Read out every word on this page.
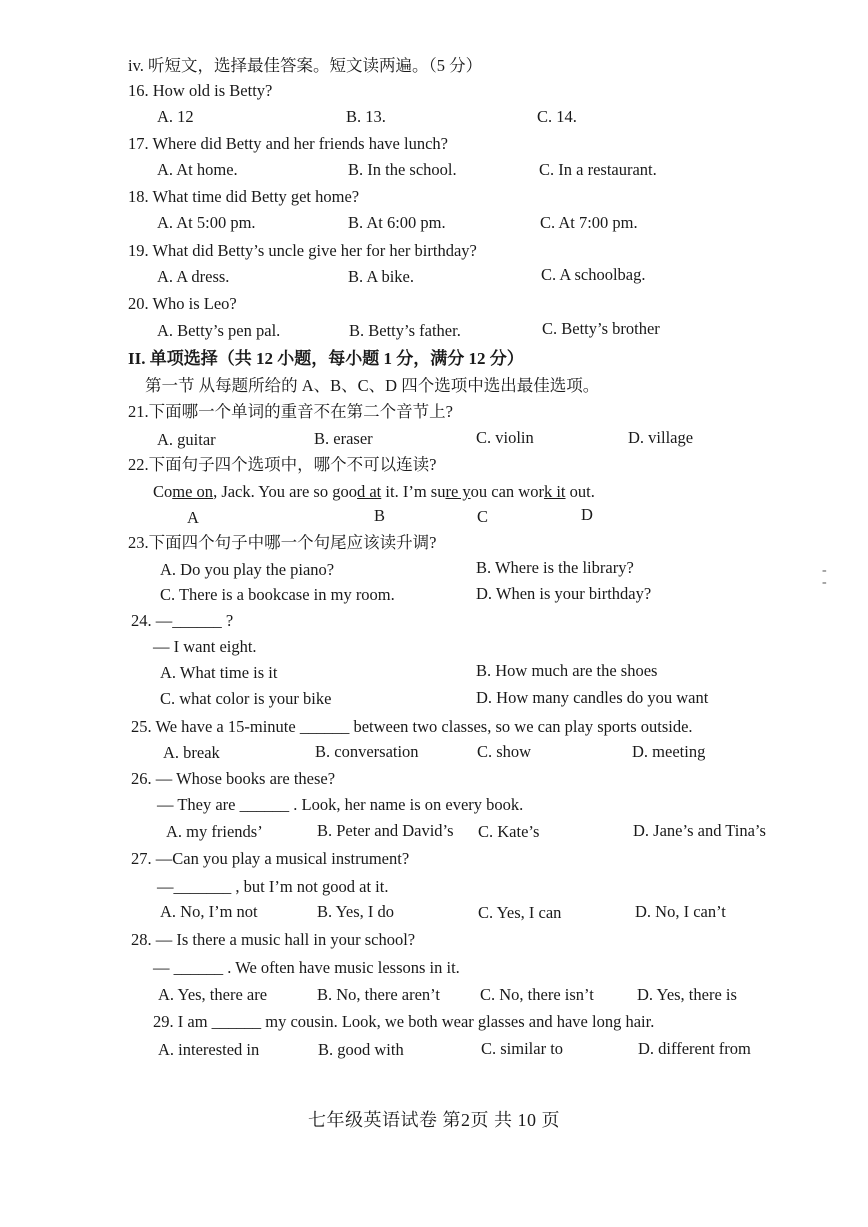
iv. 听短文，选择最佳答案。短文读两遍。（5 分）
16. How old is Betty?
A. 12	B. 13.	C. 14.
17. Where did Betty and her friends have lunch?
A. At home.	B. In the school.	C. In a restaurant.
18. What time did Betty get home?
A. At 5:00 pm.	B. At 6:00 pm.	C. At 7:00 pm.
19. What did Betty’s uncle give her for her birthday?
A. A dress.	B. A bike.	C. A schoolbag.
20. Who is Leo?
A. Betty’s pen pal.	B. Betty’s father.	C. Betty’s brother
II. 单项选择（共 12 小题，每小题 1 分，满分 12 分）
第一节 从每题所给的 A、B、C、D 四个选项中选出最佳选项。
21.下面哪一个单词的重音不在第二个音节上?
A. guitar	B. eraser	C. violin	D. village
22.下面句子四个选项中，哪个不可以连读?
Come on, Jack. You are so good at it. I’m sure you can work it out.
A	B	C	D
23.下面四个句子中哪一个句尾应该读升调?
A. Do you play the piano?	B. Where is the library?
C. There is a bookcase in my room.	D. When is your birthday?
-
-
24. —______ ?
— I want eight.
A. What time is it	B. How much are the shoes
C. what color is your bike	D. How many candles do you want
25. We have a 15-minute ______ between two classes, so we can play sports outside.
A. break	B. conversation	C. show	D. meeting
26. — Whose books are these?
— They are ______ . Look, her name is on every book.
A. my friends’	B. Peter and David’s C. Kate’s	D. Jane’s and Tina’s
27. —Can you play a musical instrument?
—_______ , but I’m not good at it.
A. No, I’m not	B. Yes, I do	C. Yes, I can	D. No, I can’t
28. — Is there a music hall in your school?
— ______ . We often have music lessons in it.
A. Yes, there are	B. No, there aren’t C. No, there isn’t	D. Yes, there is
29. I am ______ my cousin. Look, we both wear glasses and have long hair.
A. interested in	B. good with	C. similar to	D. different from
七年级英语试卷 第2页 共 10 页
